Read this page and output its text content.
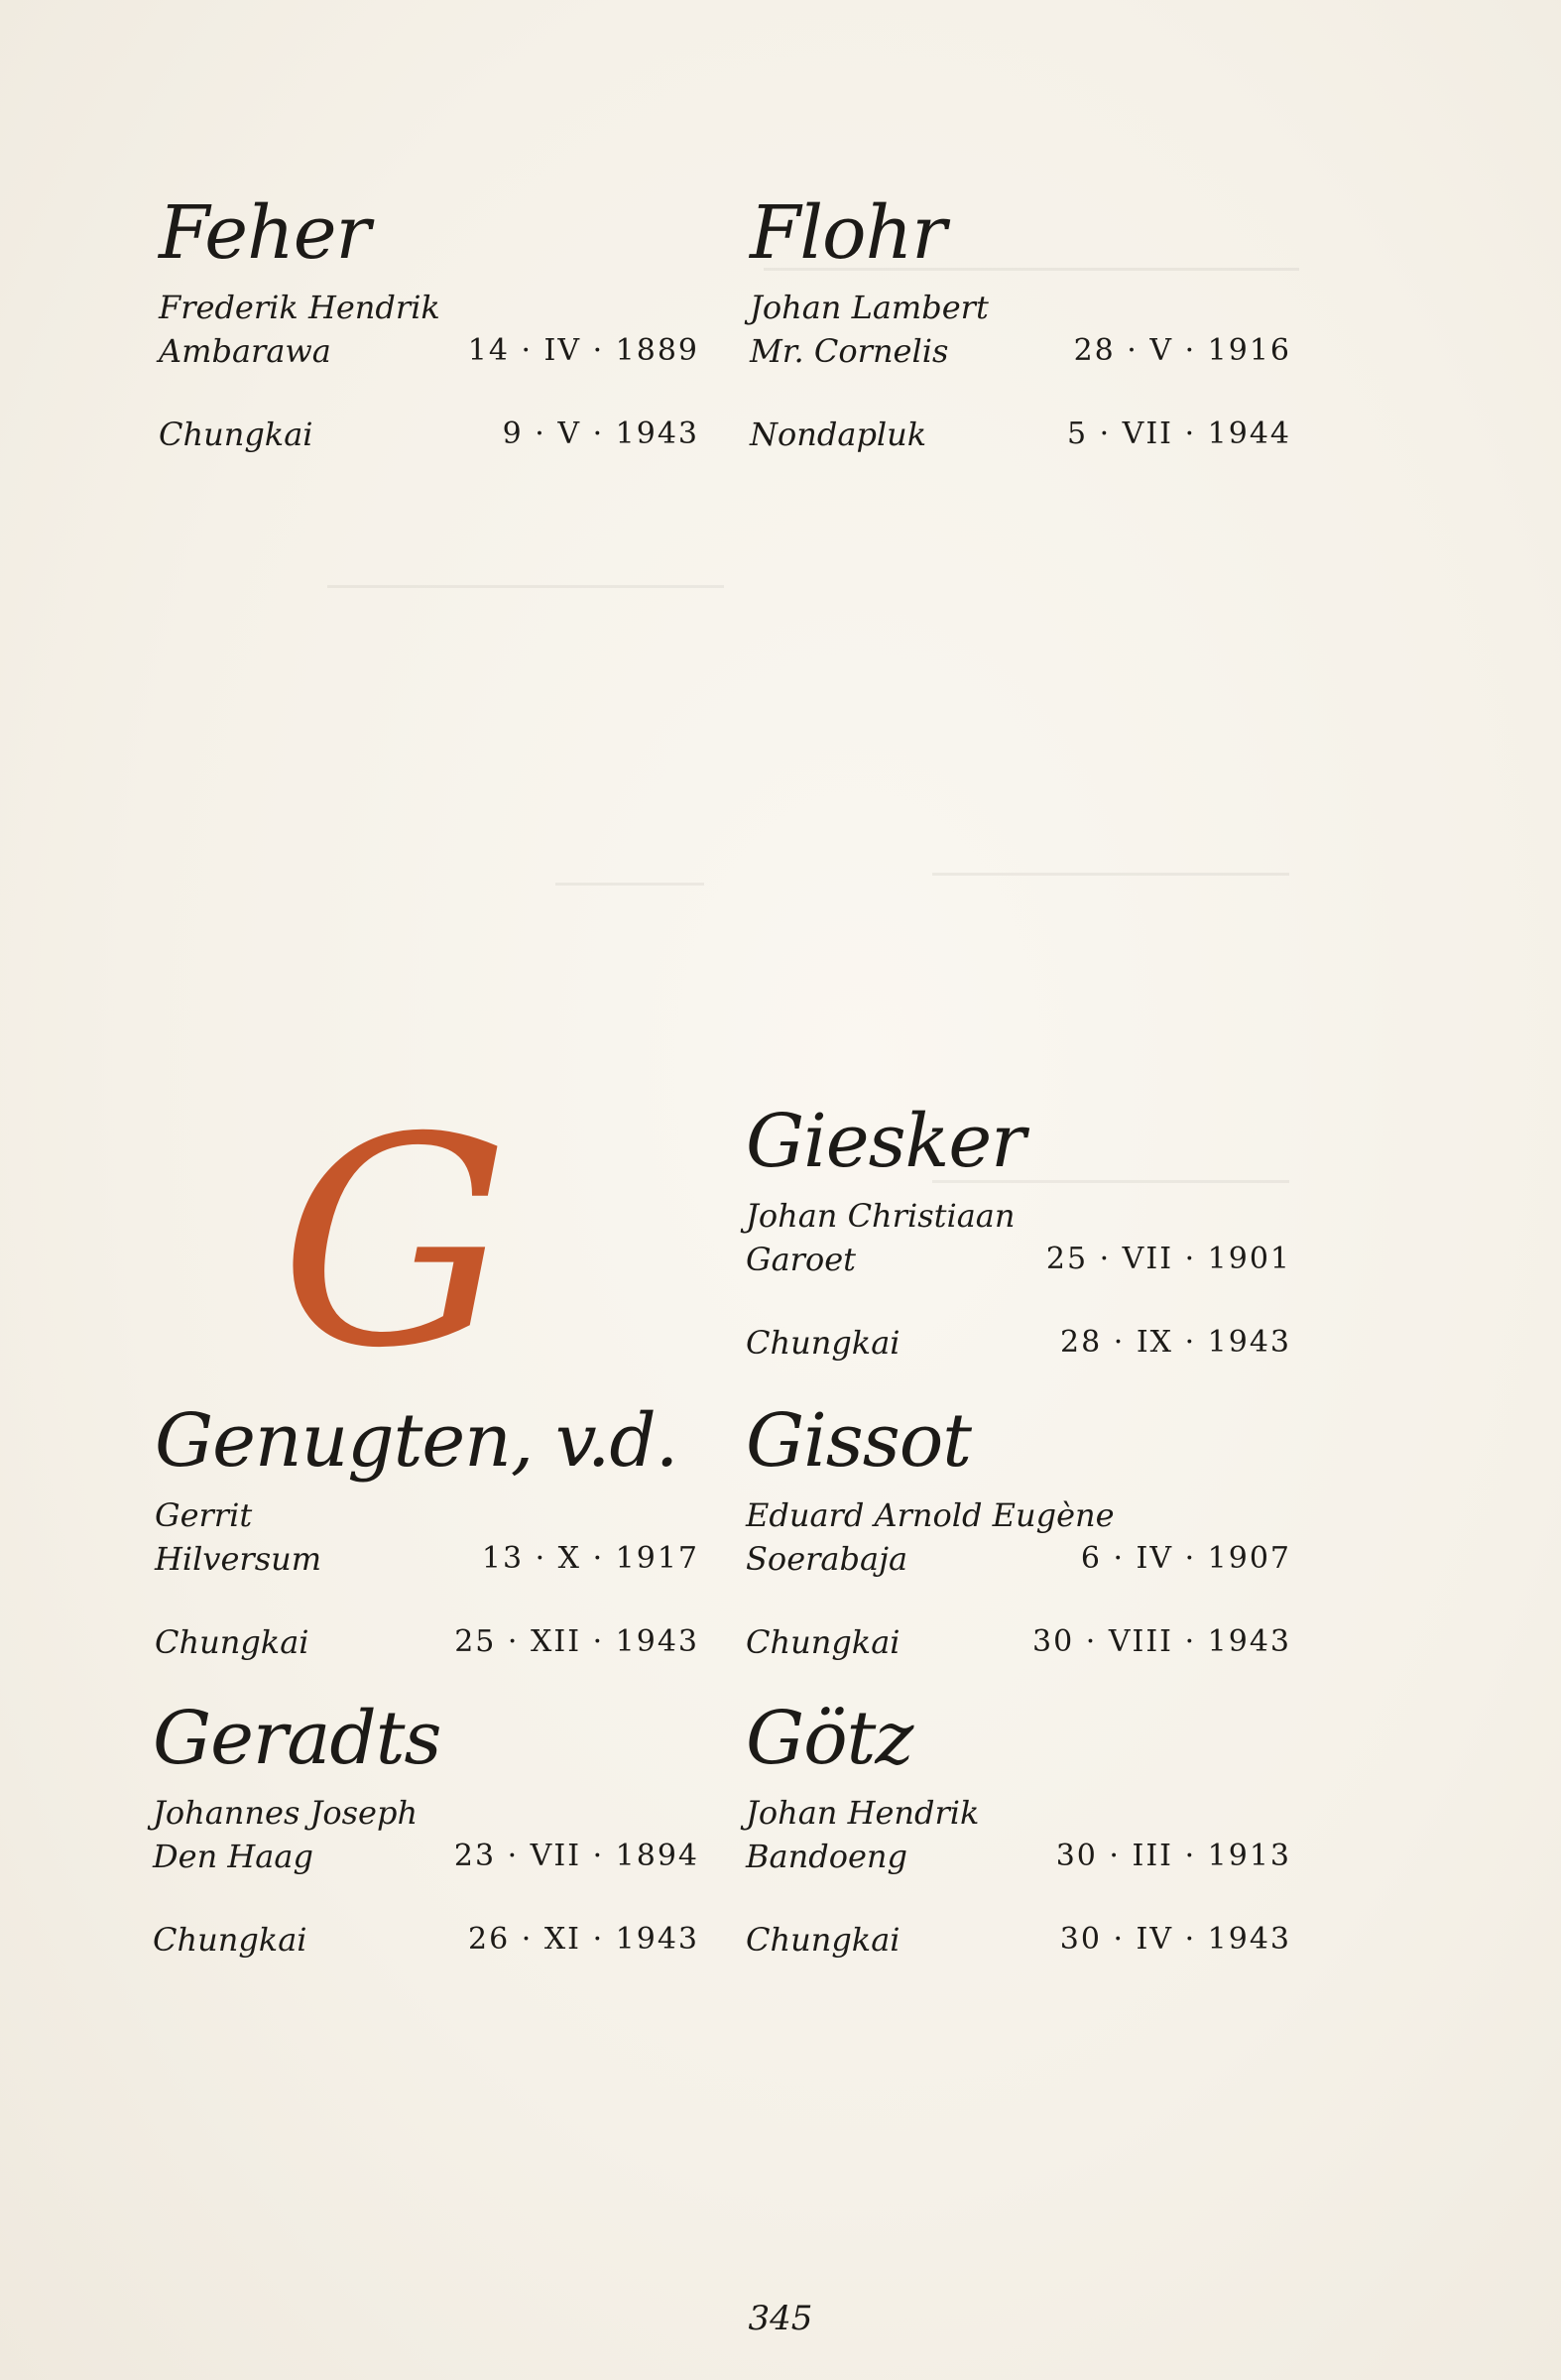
G
Feher
Frederik Hendrik
Ambarawa	14 · IV · 1889
Chungkai	9 · V · 1943
Flohr
Johan Lambert
Mr. Cornelis	28 · V · 1916
Nondapluk	5 · VII · 1944
Giesker
Johan Christiaan
Garoet	25 · VII · 1901
Chungkai	28 · IX · 1943
Genugten, v.d.
Gerrit
Hilversum	13 · X · 1917
Chungkai	25 · XII · 1943
Gissot
Eduard Arnold Eugène
Soerabaja	6 · IV · 1907
Chungkai	30 · VIII · 1943
Geradts
Johannes Joseph
Den Haag	23 · VII · 1894
Chungkai	26 · XI · 1943
Götz
Johan Hendrik
Bandoeng	30 · III · 1913
Chungkai	30 · IV · 1943
345
